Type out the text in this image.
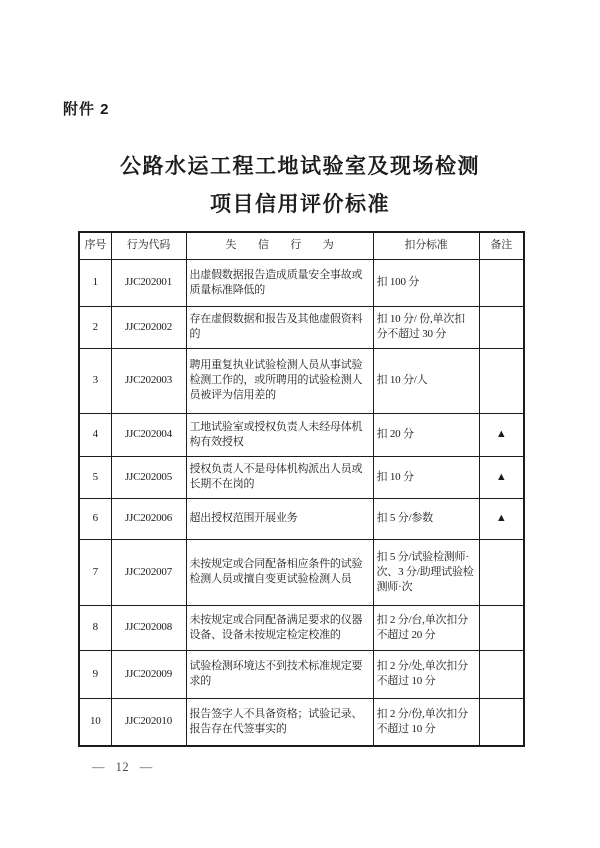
附件 2
公路水运工程工地试验室及现场检测
项目信用评价标准
序号	行为代码	失　　信　　行　　为	扣分标准	备注
1	JJC202001	出虚假数据报告造成质量安全事故或质量标准降低的	扣 100 分	
2	JJC202002	存在虚假数据和报告及其他虚假资料的	扣 10 分/ 份,单次扣分不超过 30 分	
3	JJC202003	聘用重复执业试验检测人员从事试验检测工作的，或所聘用的试验检测人员被评为信用差的	扣 10 分/人	
4	JJC202004	工地试验室或授权负责人未经母体机构有效授权	扣 20 分	▲
5	JJC202005	授权负责人不是母体机构派出人员或长期不在岗的	扣 10 分	▲
6	JJC202006	超出授权范围开展业务	扣 5 分/参数	▲
7	JJC202007	未按规定或合同配备相应条件的试验检测人员或擅自变更试验检测人员	扣 5 分/试验检测师·次、3 分/助理试验检测师·次	
8	JJC202008	未按规定或合同配备满足要求的仪器设备、设备未按规定检定校准的	扣 2 分/台,单次扣分不超过 20 分	
9	JJC202009	试验检测环境达不到技术标准规定要求的	扣 2 分/处,单次扣分不超过 10 分	
10	JJC202010	报告签字人不具备资格；试验记录、报告存在代签事实的	扣 2 分/份,单次扣分不超过 10 分	
— 12 —
